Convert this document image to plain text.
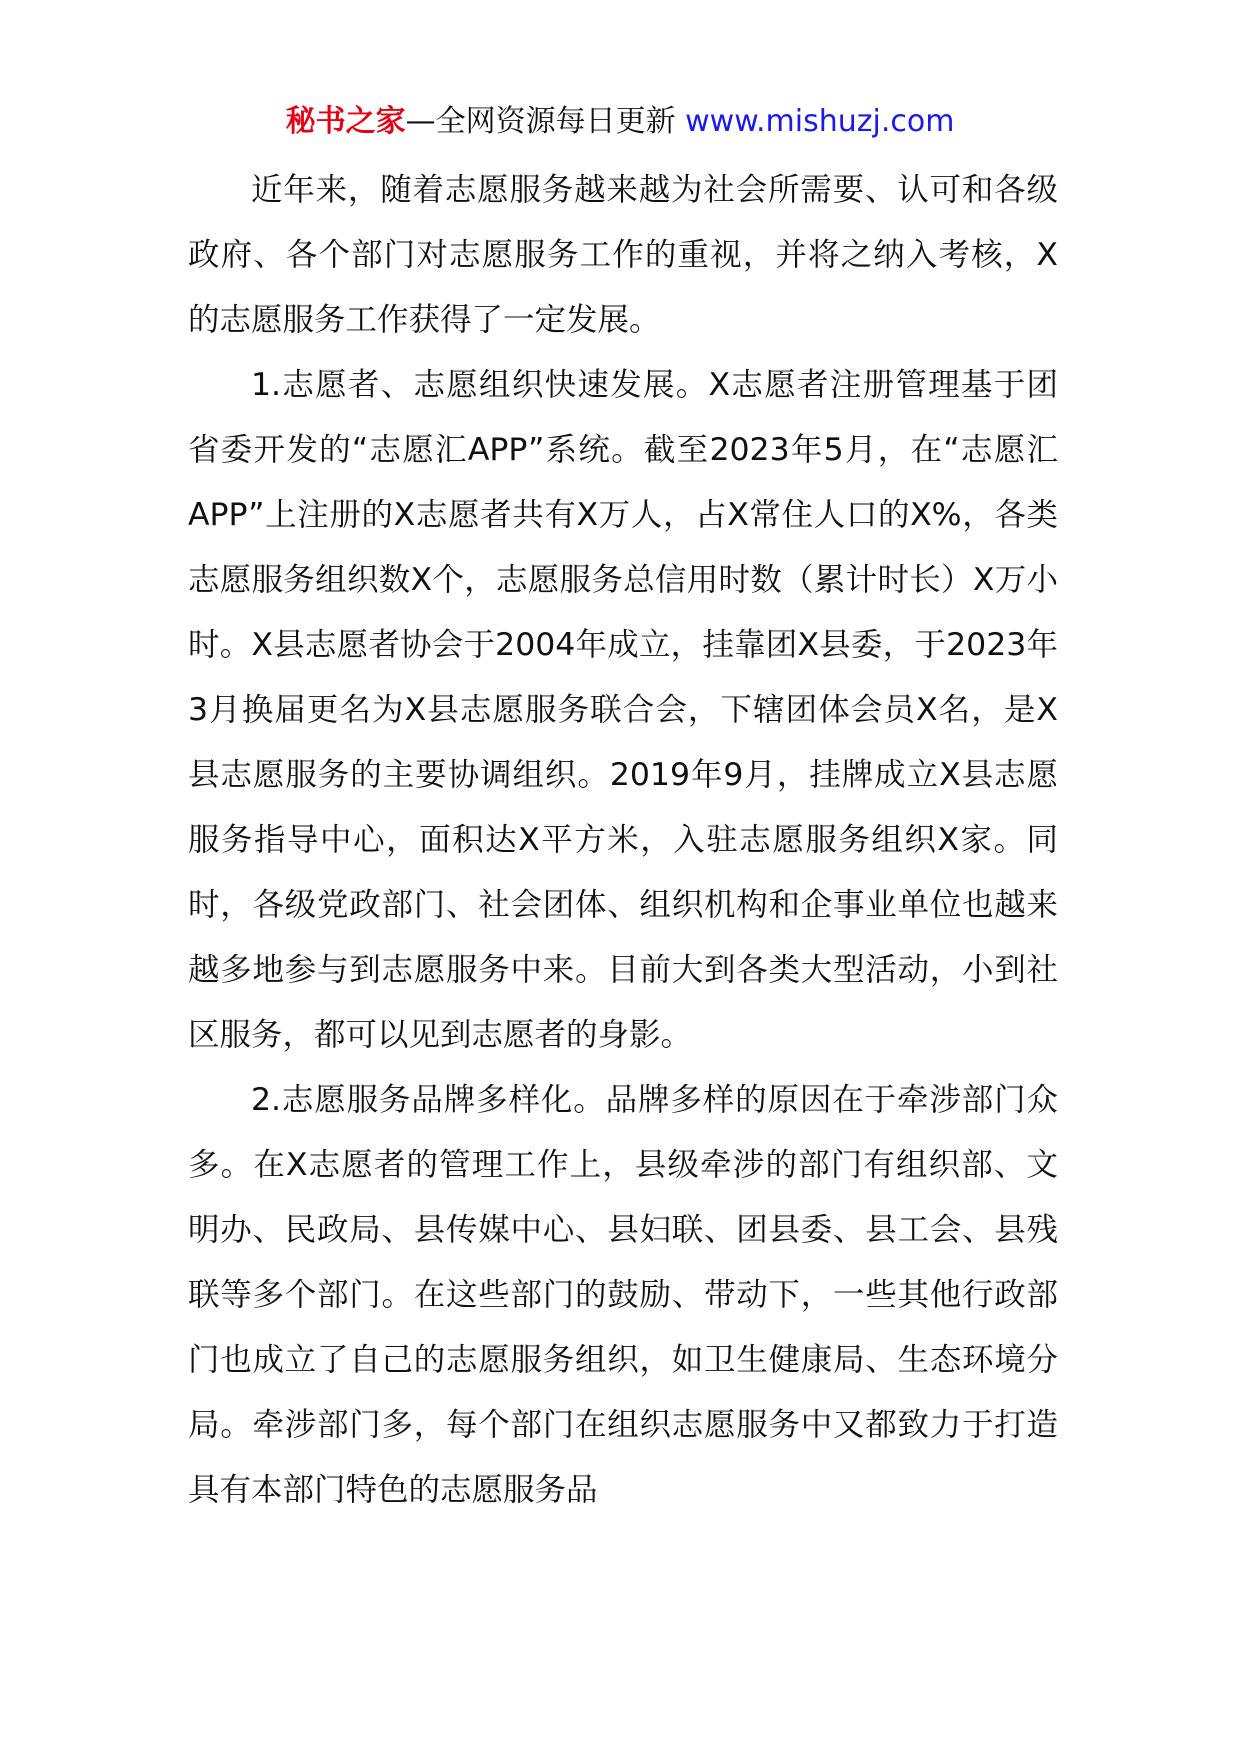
秘书之家—全网资源每日更新 www.mishuzj.com

近年来，随着志愿服务越来越为社会所需要、认可和各级政府、各个部门对志愿服务工作的重视，并将之纳入考核，X的志愿服务工作获得了一定发展。

1.志愿者、志愿组织快速发展。X志愿者注册管理基于团省委开发的“志愿汇APP”系统。截至2023年5月，在“志愿汇APP”上注册的X志愿者共有X万人，占X常住人口的X%，各类志愿服务组织数X个，志愿服务总信用时数（累计时长）X万小时。X县志愿者协会于2004年成立，挂靠团X县委，于2023年3月换届更名为X县志愿服务联合会，下辖团体会员X名，是X县志愿服务的主要协调组织。2019年9月，挂牌成立X县志愿服务指导中心，面积达X平方米，入驻志愿服务组织X家。同时，各级党政部门、社会团体、组织机构和企事业单位也越来越多地参与到志愿服务中来。目前大到各类大型活动，小到社区服务，都可以见到志愿者的身影。

2.志愿服务品牌多样化。品牌多样的原因在于牵涉部门众多。在X志愿者的管理工作上，县级牵涉的部门有组织部、文明办、民政局、县传媒中心、县妇联、团县委、县工会、县残联等多个部门。在这些部门的鼓励、带动下，一些其他行政部门也成立了自己的志愿服务组织，如卫生健康局、生态环境分局。牵涉部门多，每个部门在组织志愿服务中又都致力于打造具有本部门特色的志愿服务品
